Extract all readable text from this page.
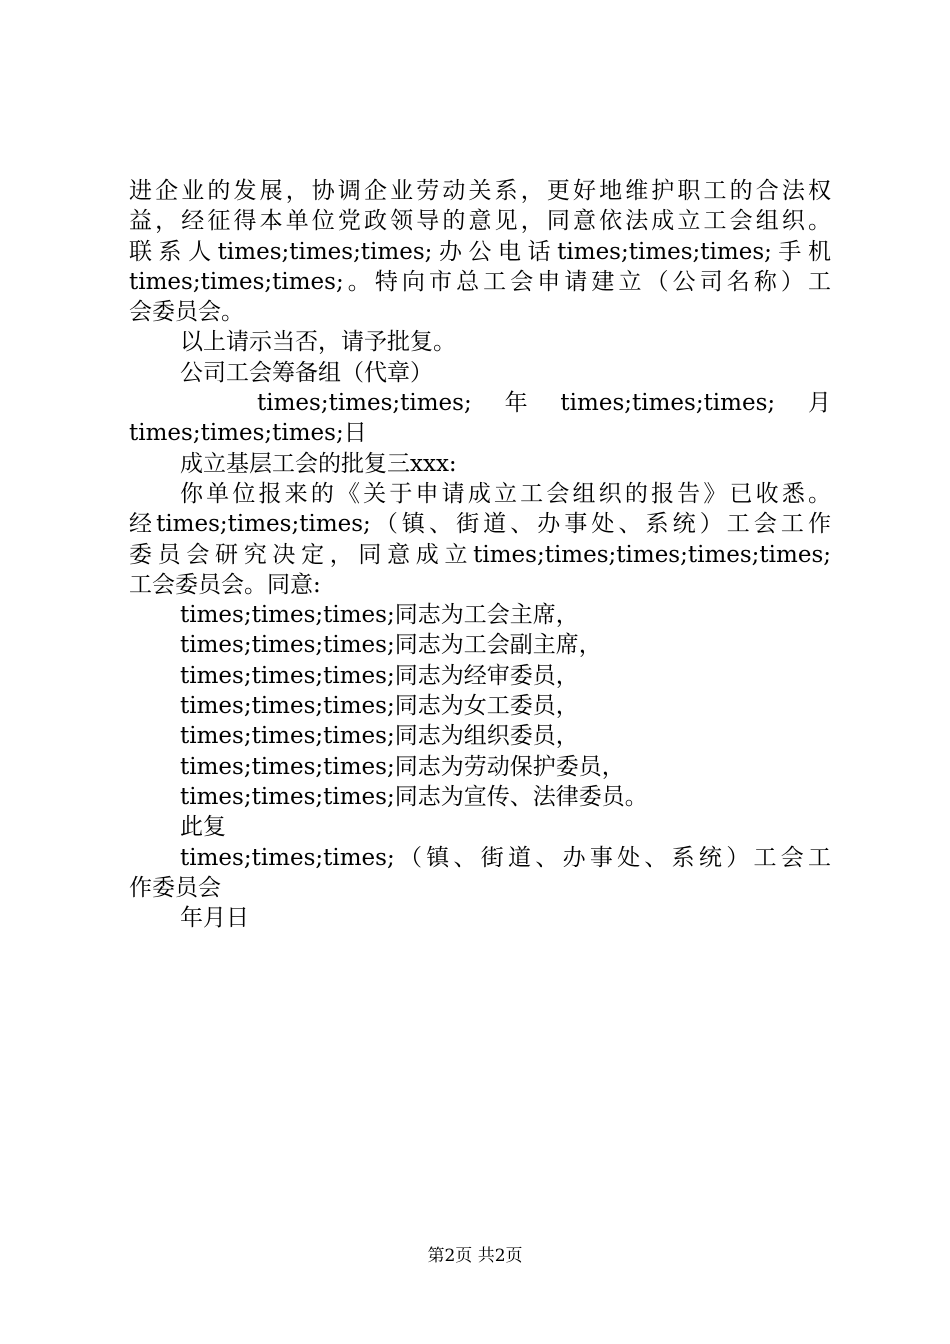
进企业的发展，协调企业劳动关系，更好地维护职工的合法权
益，经征得本单位党政领导的意见，同意依法成立工会组织。
联系人times;times;times;办公电话times;times;times;手机
times;times;times;。特向市总工会申请建立（公司名称）工
会委员会。
以上请示当否，请予批复。
公司工会筹备组（代章）
times;times;times;　年　times;times;times;　月
times;times;times;日
成立基层工会的批复三xxx:
你单位报来的《关于申请成立工会组织的报告》已收悉。
经times;times;times;（镇、街道、办事处、系统）工会工作
委员会研究决定，同意成立times;times;times;times;times;
工会委员会。同意:
times;times;times;同志为工会主席，
times;times;times;同志为工会副主席，
times;times;times;同志为经审委员，
times;times;times;同志为女工委员，
times;times;times;同志为组织委员，
times;times;times;同志为劳动保护委员，
times;times;times;同志为宣传、法律委员。
此复
times;times;times;（镇、街道、办事处、系统）工会工
作委员会
年月日
第2页 共2页
